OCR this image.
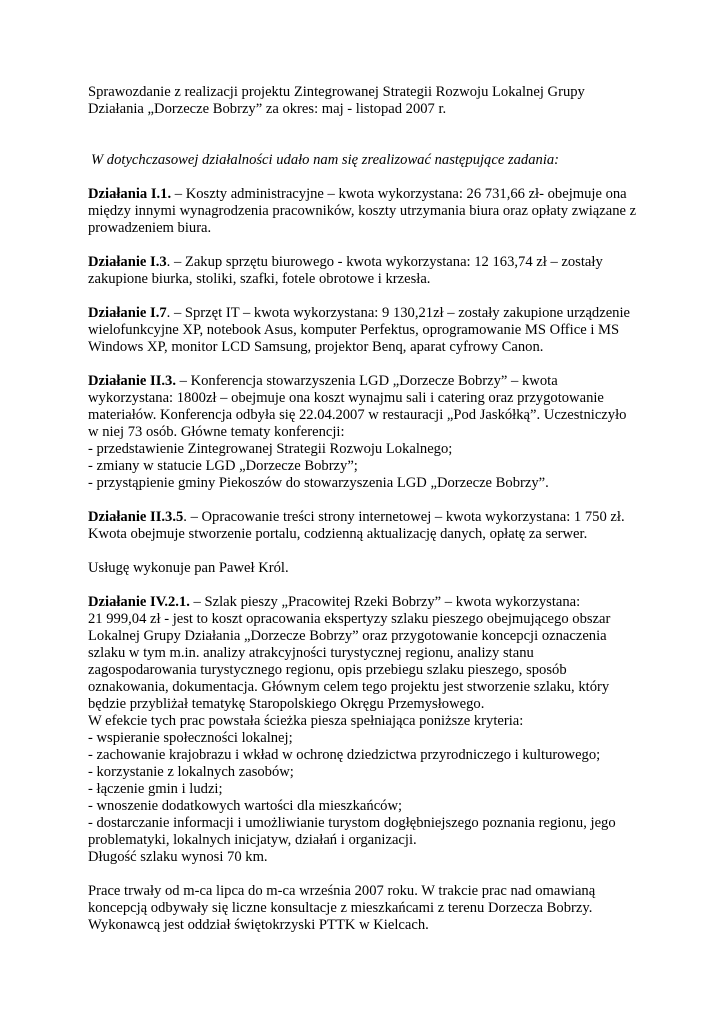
Sprawozdanie z realizacji projektu Zintegrowanej Strategii Rozwoju Lokalnej Grupy
Działania „Dorzecze Bobrzy” za okres: maj - listopad 2007 r.

W dotychczasowej działalności udało nam się zrealizować następujące zadania:

Działania I.1. – Koszty administracyjne – kwota wykorzystana: 26 731,66 zł- obejmuje ona
między innymi wynagrodzenia pracowników, koszty utrzymania biura oraz opłaty związane z
prowadzeniem biura.

Działanie I.3. – Zakup sprzętu biurowego - kwota wykorzystana: 12 163,74 zł – zostały
zakupione biurka, stoliki, szafki, fotele obrotowe i krzesła.

Działanie I.7. – Sprzęt IT – kwota wykorzystana: 9 130,21zł – zostały zakupione urządzenie
wielofunkcyjne XP, notebook Asus, komputer Perfektus, oprogramowanie MS Office i MS
Windows XP, monitor LCD Samsung, projektor Benq, aparat cyfrowy Canon.

Działanie II.3. – Konferencja stowarzyszenia LGD „Dorzecze Bobrzy” – kwota
wykorzystana: 1800zł – obejmuje ona koszt wynajmu sali i catering oraz przygotowanie
materiałów. Konferencja odbyła się 22.04.2007 w restauracji „Pod Jaskółką”. Uczestniczyło
w niej 73 osób. Główne tematy konferencji:
- przedstawienie Zintegrowanej Strategii Rozwoju Lokalnego;
- zmiany w statucie LGD „Dorzecze Bobrzy”;
- przystąpienie gminy Piekoszów do stowarzyszenia LGD „Dorzecze Bobrzy”.

Działanie II.3.5. – Opracowanie treści strony internetowej – kwota wykorzystana: 1 750 zł.
Kwota obejmuje stworzenie portalu, codzienną aktualizację danych, opłatę za serwer.

Usługę wykonuje pan Paweł Król.

Działanie IV.2.1. – Szlak pieszy „Pracowitej Rzeki Bobrzy” – kwota wykorzystana:
21 999,04 zł - jest to koszt opracowania ekspertyzy szlaku pieszego obejmującego obszar
Lokalnej Grupy Działania „Dorzecze Bobrzy” oraz przygotowanie koncepcji oznaczenia
szlaku w tym m.in. analizy atrakcyjności turystycznej regionu, analizy stanu
zagospodarowania turystycznego regionu, opis przebiegu szlaku pieszego, sposób
oznakowania, dokumentacja. Głównym celem tego projektu jest stworzenie szlaku, który
będzie przybliżał tematykę Staropolskiego Okręgu Przemysłowego.
W efekcie tych prac powstała ścieżka piesza spełniająca poniższe kryteria:
- wspieranie społeczności lokalnej;
- zachowanie krajobrazu i wkład w ochronę dziedzictwa przyrodniczego i kulturowego;
- korzystanie z lokalnych zasobów;
- łączenie gmin i ludzi;
- wnoszenie dodatkowych wartości dla mieszkańców;
- dostarczanie informacji i umożliwianie turystom dogłębniejszego poznania regionu, jego
problematyki, lokalnych inicjatyw, działań i organizacji.
Długość szlaku wynosi 70 km.

Prace trwały od m-ca lipca do m-ca września 2007 roku. W trakcie prac nad omawianą
koncepcją odbywały się liczne konsultacje z mieszkańcami z terenu Dorzecza Bobrzy.
Wykonawcą jest oddział świętokrzyski PTTK w Kielcach.
